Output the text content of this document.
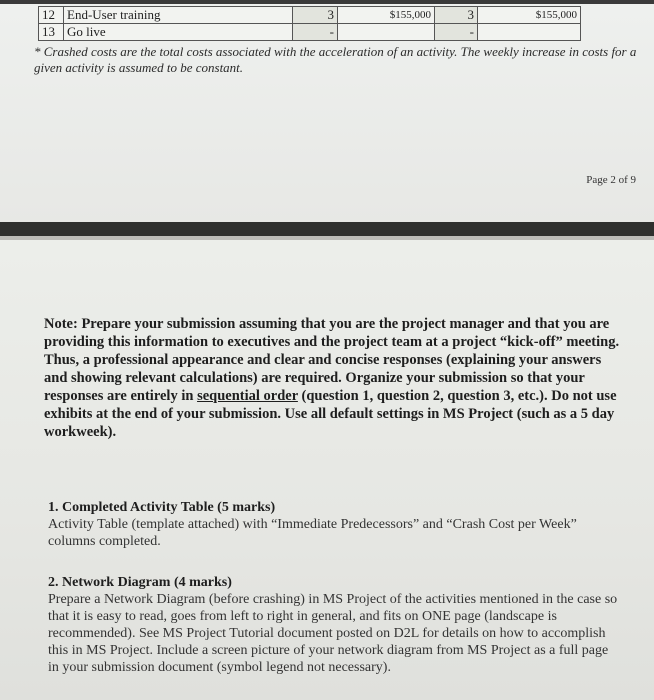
12	End-User training	3	$155,000	3	$155,000
13	Go live	-		-	
* Crashed costs are the total costs associated with the acceleration of an activity. The weekly increase in costs for a given activity is assumed to be constant.
Page 2 of 9
Note: Prepare your submission assuming that you are the project manager and that you are providing this information to executives and the project team at a project “kick-off” meeting. Thus, a professional appearance and clear and concise responses (explaining your answers and showing relevant calculations) are required. Organize your submission so that your responses are entirely in sequential order (question 1, question 2, question 3, etc.). Do not use exhibits at the end of your submission. Use all default settings in MS Project (such as a 5 day workweek).
1. Completed Activity Table (5 marks)
Activity Table (template attached) with “Immediate Predecessors” and “Crash Cost per Week” columns completed.
2. Network Diagram (4 marks)
Prepare a Network Diagram (before crashing) in MS Project of the activities mentioned in the case so that it is easy to read, goes from left to right in general, and fits on ONE page (landscape is recommended). See MS Project Tutorial document posted on D2L for details on how to accomplish this in MS Project. Include a screen picture of your network diagram from MS Project as a full page in your submission document (symbol legend not necessary).
